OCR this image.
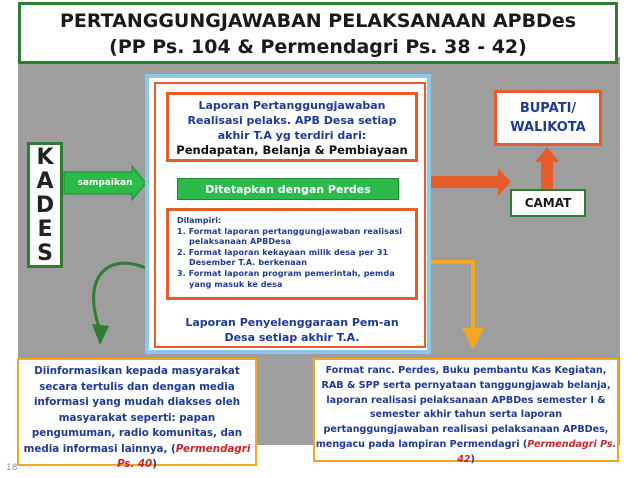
PERTANGGUNGJAWABAN PELAKSANAAN APBDes
(PP Ps. 104 & Permendagri Ps. 38 - 42)
K
A
D
E
S
sampaikan
Laporan Pertanggungjawaban
Realisasi pelaks. APB Desa setiap
akhir T.A yg terdiri dari:
Pendapatan, Belanja & Pembiayaan
Ditetapkan dengan Perdes
Dilampiri:
1. Format laporan pertanggungjawaban realisasi pelaksanaan APBDesa
2. Format laporan kekayaan milik desa per 31 Desember T.A. berkenaan
3. Format laporan program pemerintah, pemda yang masuk ke desa
Laporan Penyelenggaraan Pem-an
Desa setiap akhir T.A.
BUPATI/
WALIKOTA
CAMAT
Diinformasikan kepada masyarakat secara tertulis dan dengan media informasi yang mudah diakses oleh masyarakat seperti: papan pengumuman, radio komunitas, dan media informasi lainnya, (Permendagri Ps. 40)
Format ranc. Perdes, Buku pembantu Kas Kegiatan, RAB & SPP serta pernyataan tanggungjawab belanja, laporan realisasi pelaksanaan APBDes semester I & semester akhir tahun serta laporan pertanggungjawaban realisasi pelaksanaan APBDes, mengacu pada lampiran Permendagri (Permendagri Ps. 42)
18
